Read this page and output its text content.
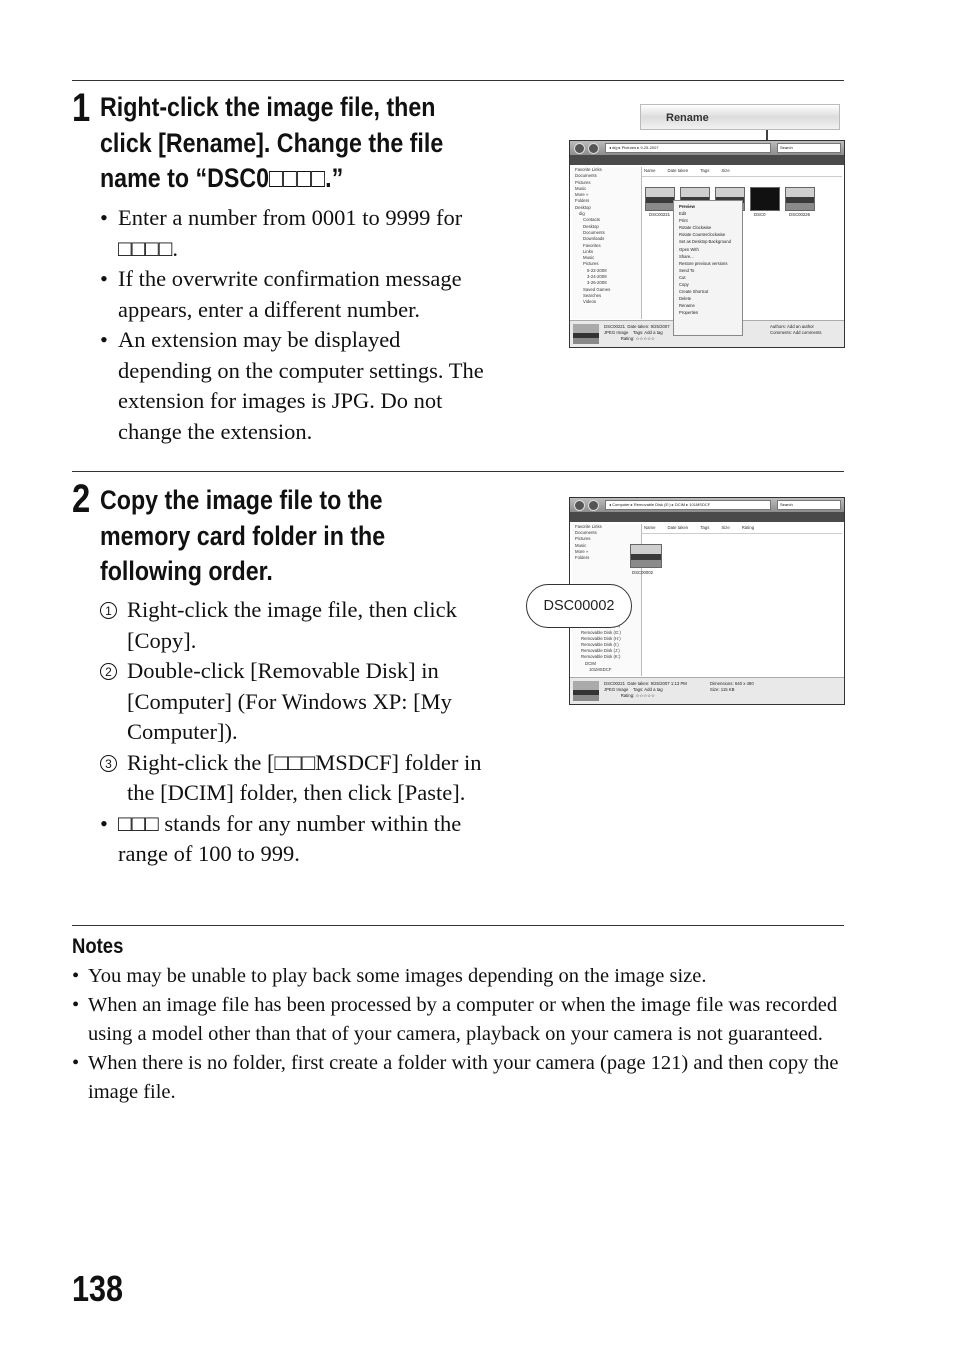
1 Right-click the image file, then
click [Rename]. Change the file
name to “DSC0□□□□.”
• Enter a number from 0001 to 9999 for □□□□.
• If the overwrite confirmation message appears, enter a different number.
• An extension may be displayed depending on the computer settings. The extension for images is JPG. Do not change the extension.
Rename
◂ dig ▸ Pictures ▸ 9-25-2007	Search
Name	Date taken	Tags	Size
Favorite Links
Documents
Pictures
Music
More »
Folders
Desktop
dig
Contacts
Desktop
Documents
Downloads
Favorites
Links
Music
Pictures
5-22-2008
3-24-2008
3-26-2008
Saved Games
Searches
Videos
DSC00221	DSC0	DSC00226
DSC00221  Date taken: 9/25/2007
JPEG Image    Tags: Add a tag
Rating: ☆☆☆☆☆
Authors: Add an author
Comments: Add comments
Preview
Edit
Print
Rotate Clockwise
Rotate Counterclockwise
Set as Desktop Background
Open With
Share...
Restore previous versions
Send To
Cut
Copy
Create Shortcut
Delete
Rename
Properties
2 Copy the image file to the
memory card folder in the
following order.
1 Right-click the image file, then click [Copy].
2 Double-click [Removable Disk] in [Computer] (For Windows XP: [My Computer]).
3 Right-click the [□□□MSDCF] folder in the [DCIM] folder, then click [Paste].
• □□□ stands for any number within the range of 100 to 999.
◂ Computer ▸ Removable Disk (E:) ▸ DCIM ▸ 101MSDCF	Search
Name	Date taken	Tags	Size	Rating
Favorite Links
Documents
Pictures
Music
More »
Folders
Removable Disk (G:)
Removable Disk (H:)
Removable Disk (I:)
Removable Disk (J:)
Removable Disk (K:)
DCIM
101MSDCF
DSC00002
DSC00221  Date taken: 9/25/2007 1:13 PM
JPEG Image    Tags: Add a tag
Rating: ☆☆☆☆☆
Dimensions: 640 x 480
Size: 115 KB
DSC00002
Notes
• You may be unable to play back some images depending on the image size.
• When an image file has been processed by a computer or when the image file was recorded using a model other than that of your camera, playback on your camera is not guaranteed.
• When there is no folder, first create a folder with your camera (page 121) and then copy the image file.
138
